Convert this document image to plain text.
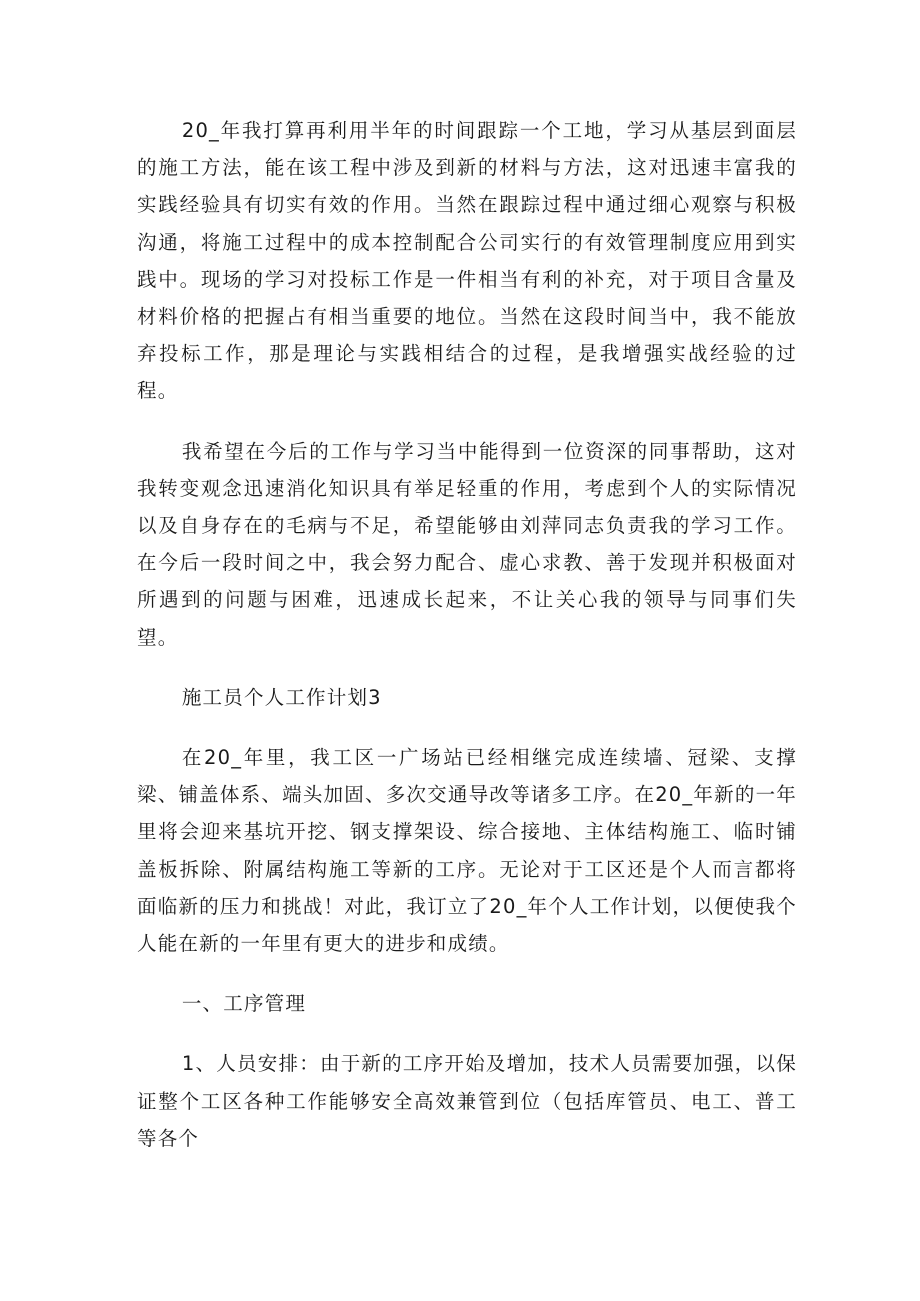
20_年我打算再利用半年的时间跟踪一个工地，学习从基层到面层的施工方法，能在该工程中涉及到新的材料与方法，这对迅速丰富我的实践经验具有切实有效的作用。当然在跟踪过程中通过细心观察与积极沟通，将施工过程中的成本控制配合公司实行的有效管理制度应用到实践中。现场的学习对投标工作是一件相当有利的补充，对于项目含量及材料价格的把握占有相当重要的地位。当然在这段时间当中，我不能放弃投标工作，那是理论与实践相结合的过程，是我增强实战经验的过程。

我希望在今后的工作与学习当中能得到一位资深的同事帮助，这对我转变观念迅速消化知识具有举足轻重的作用，考虑到个人的实际情况以及自身存在的毛病与不足，希望能够由刘萍同志负责我的学习工作。在今后一段时间之中，我会努力配合、虚心求教、善于发现并积极面对所遇到的问题与困难，迅速成长起来，不让关心我的领导与同事们失望。

施工员个人工作计划3

在20_年里，我工区一广场站已经相继完成连续墙、冠梁、支撑梁、铺盖体系、端头加固、多次交通导改等诸多工序。在20_年新的一年里将会迎来基坑开挖、钢支撑架设、综合接地、主体结构施工、临时铺盖板拆除、附属结构施工等新的工序。无论对于工区还是个人而言都将面临新的压力和挑战！对此，我订立了20_年个人工作计划，以便使我个人能在新的一年里有更大的进步和成绩。

一、工序管理

1、人员安排：由于新的工序开始及增加，技术人员需要加强，以保证整个工区各种工作能够安全高效兼管到位（包括库管员、电工、普工等各个
